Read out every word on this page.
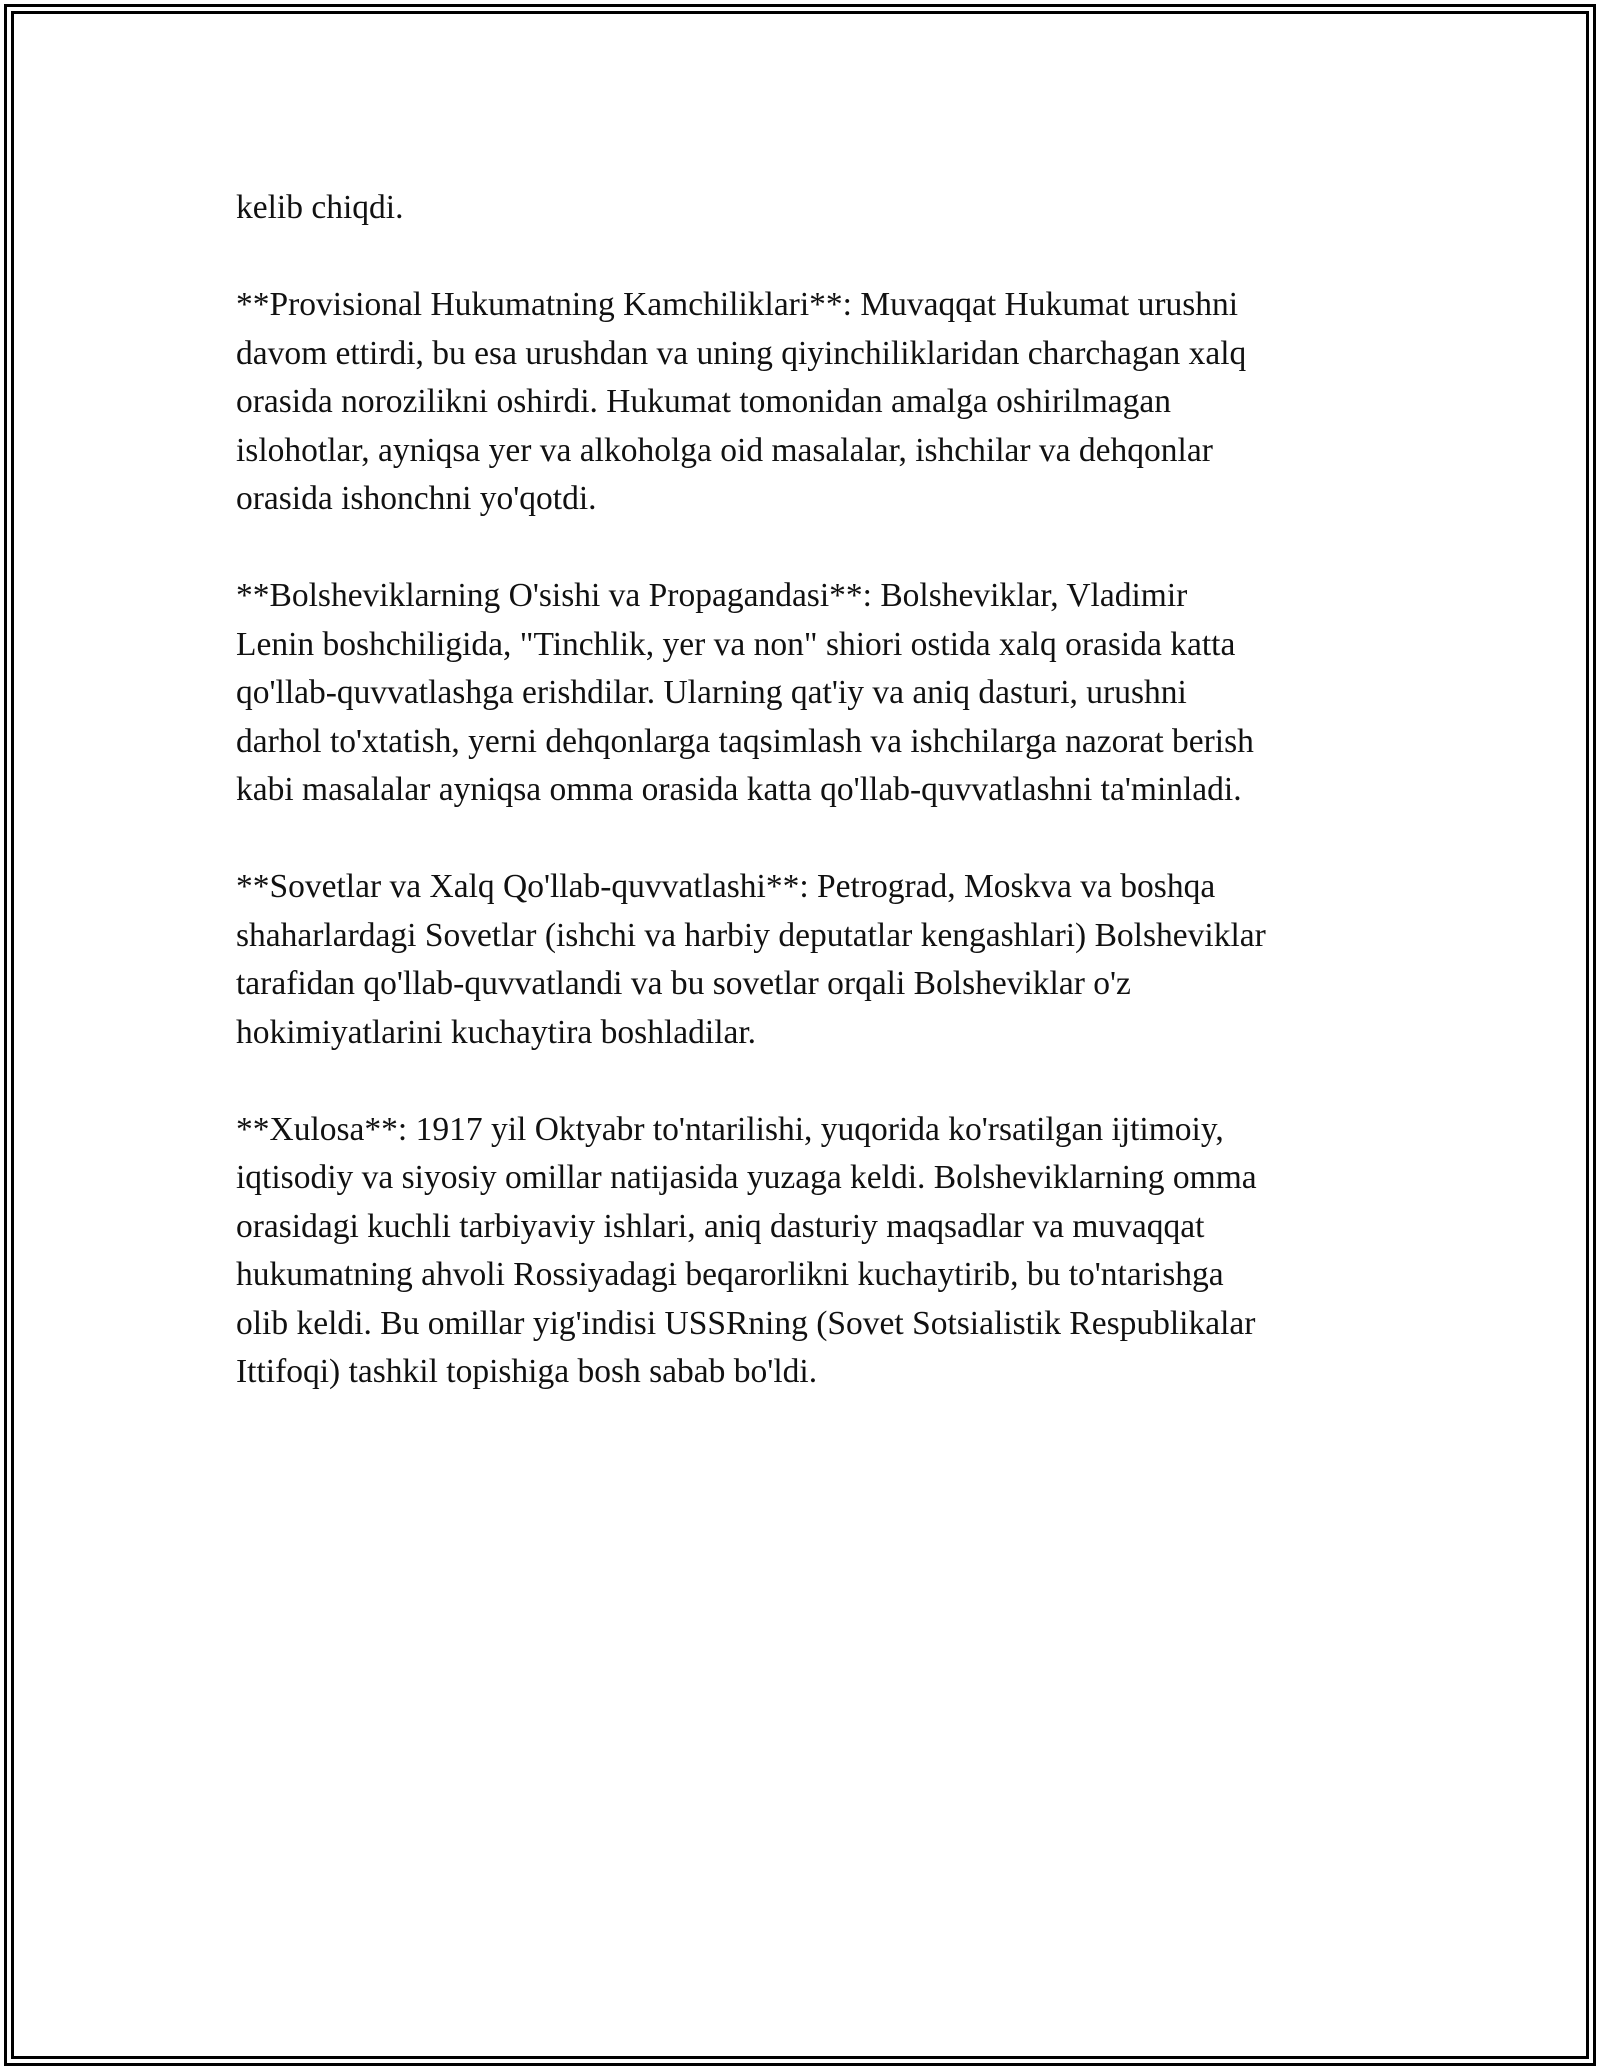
kelib chiqdi.

**Provisional Hukumatning Kamchiliklari**: Muvaqqat Hukumat urushni
davom ettirdi, bu esa urushdan va uning qiyinchiliklaridan charchagan xalq
orasida norozilikni oshirdi. Hukumat tomonidan amalga oshirilmagan
islohotlar, ayniqsa yer va alkoholga oid masalalar, ishchilar va dehqonlar
orasida ishonchni yo'qotdi.

**Bolsheviklarning O'sishi va Propagandasi**: Bolsheviklar, Vladimir
Lenin boshchiligida, "Tinchlik, yer va non" shiori ostida xalq orasida katta
qo'llab-quvvatlashga erishdilar. Ularning qat'iy va aniq dasturi, urushni
darhol to'xtatish, yerni dehqonlarga taqsimlash va ishchilarga nazorat berish
kabi masalalar ayniqsa omma orasida katta qo'llab-quvvatlashni ta'minladi.

**Sovetlar va Xalq Qo'llab-quvvatlashi**: Petrograd, Moskva va boshqa
shaharlardagi Sovetlar (ishchi va harbiy deputatlar kengashlari) Bolsheviklar
tarafidan qo'llab-quvvatlandi va bu sovetlar orqali Bolsheviklar o'z
hokimiyatlarini kuchaytira boshladilar.

**Xulosa**: 1917 yil Oktyabr to'ntarilishi, yuqorida ko'rsatilgan ijtimoiy,
iqtisodiy va siyosiy omillar natijasida yuzaga keldi. Bolsheviklarning omma
orasidagi kuchli tarbiyaviy ishlari, aniq dasturiy maqsadlar va muvaqqat
hukumatning ahvoli Rossiyadagi beqarorlikni kuchaytirib, bu to'ntarishga
olib keldi. Bu omillar yig'indisi USSRning (Sovet Sotsialistik Respublikalar
Ittifoqi) tashkil topishiga bosh sabab bo'ldi.
